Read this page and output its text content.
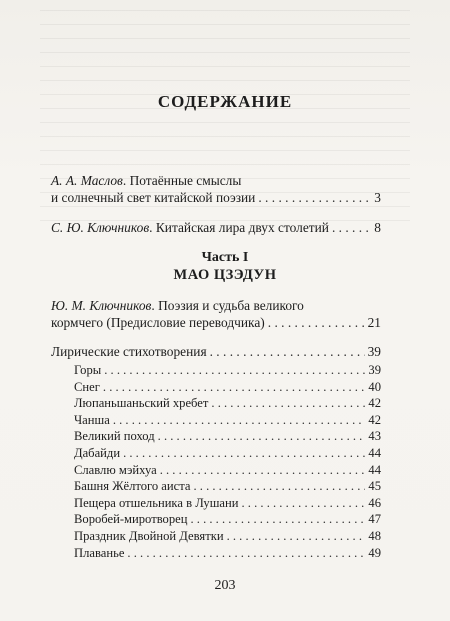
СОДЕРЖАНИЕ
А. А. Маслов. Потаённые смыслы
и солнечный свет китайской поэзии . . .	3
С. Ю. Ключников. Китайская лира двух столетий . . .	8
Часть I
МАО ЦЗЭДУН
Ю. М. Ключников. Поэзия и судьба великого
кормчего (Предисловие переводчика) . . .	21
Лирические стихотворения . . .	39
Горы . . .	39
Снег . . .	40
Люпаньшаньский хребет . . .	42
Чанша . . .	42
Великий поход . . .	43
Дабайди . . .	44
Славлю мэйхуа . . .	44
Башня Жёлтого аиста . . .	45
Пещера отшельника в Лушани . . .	46
Воробей-миротворец . . .	47
Праздник Двойной Девятки . . .	48
Плаванье . . .	49
203
